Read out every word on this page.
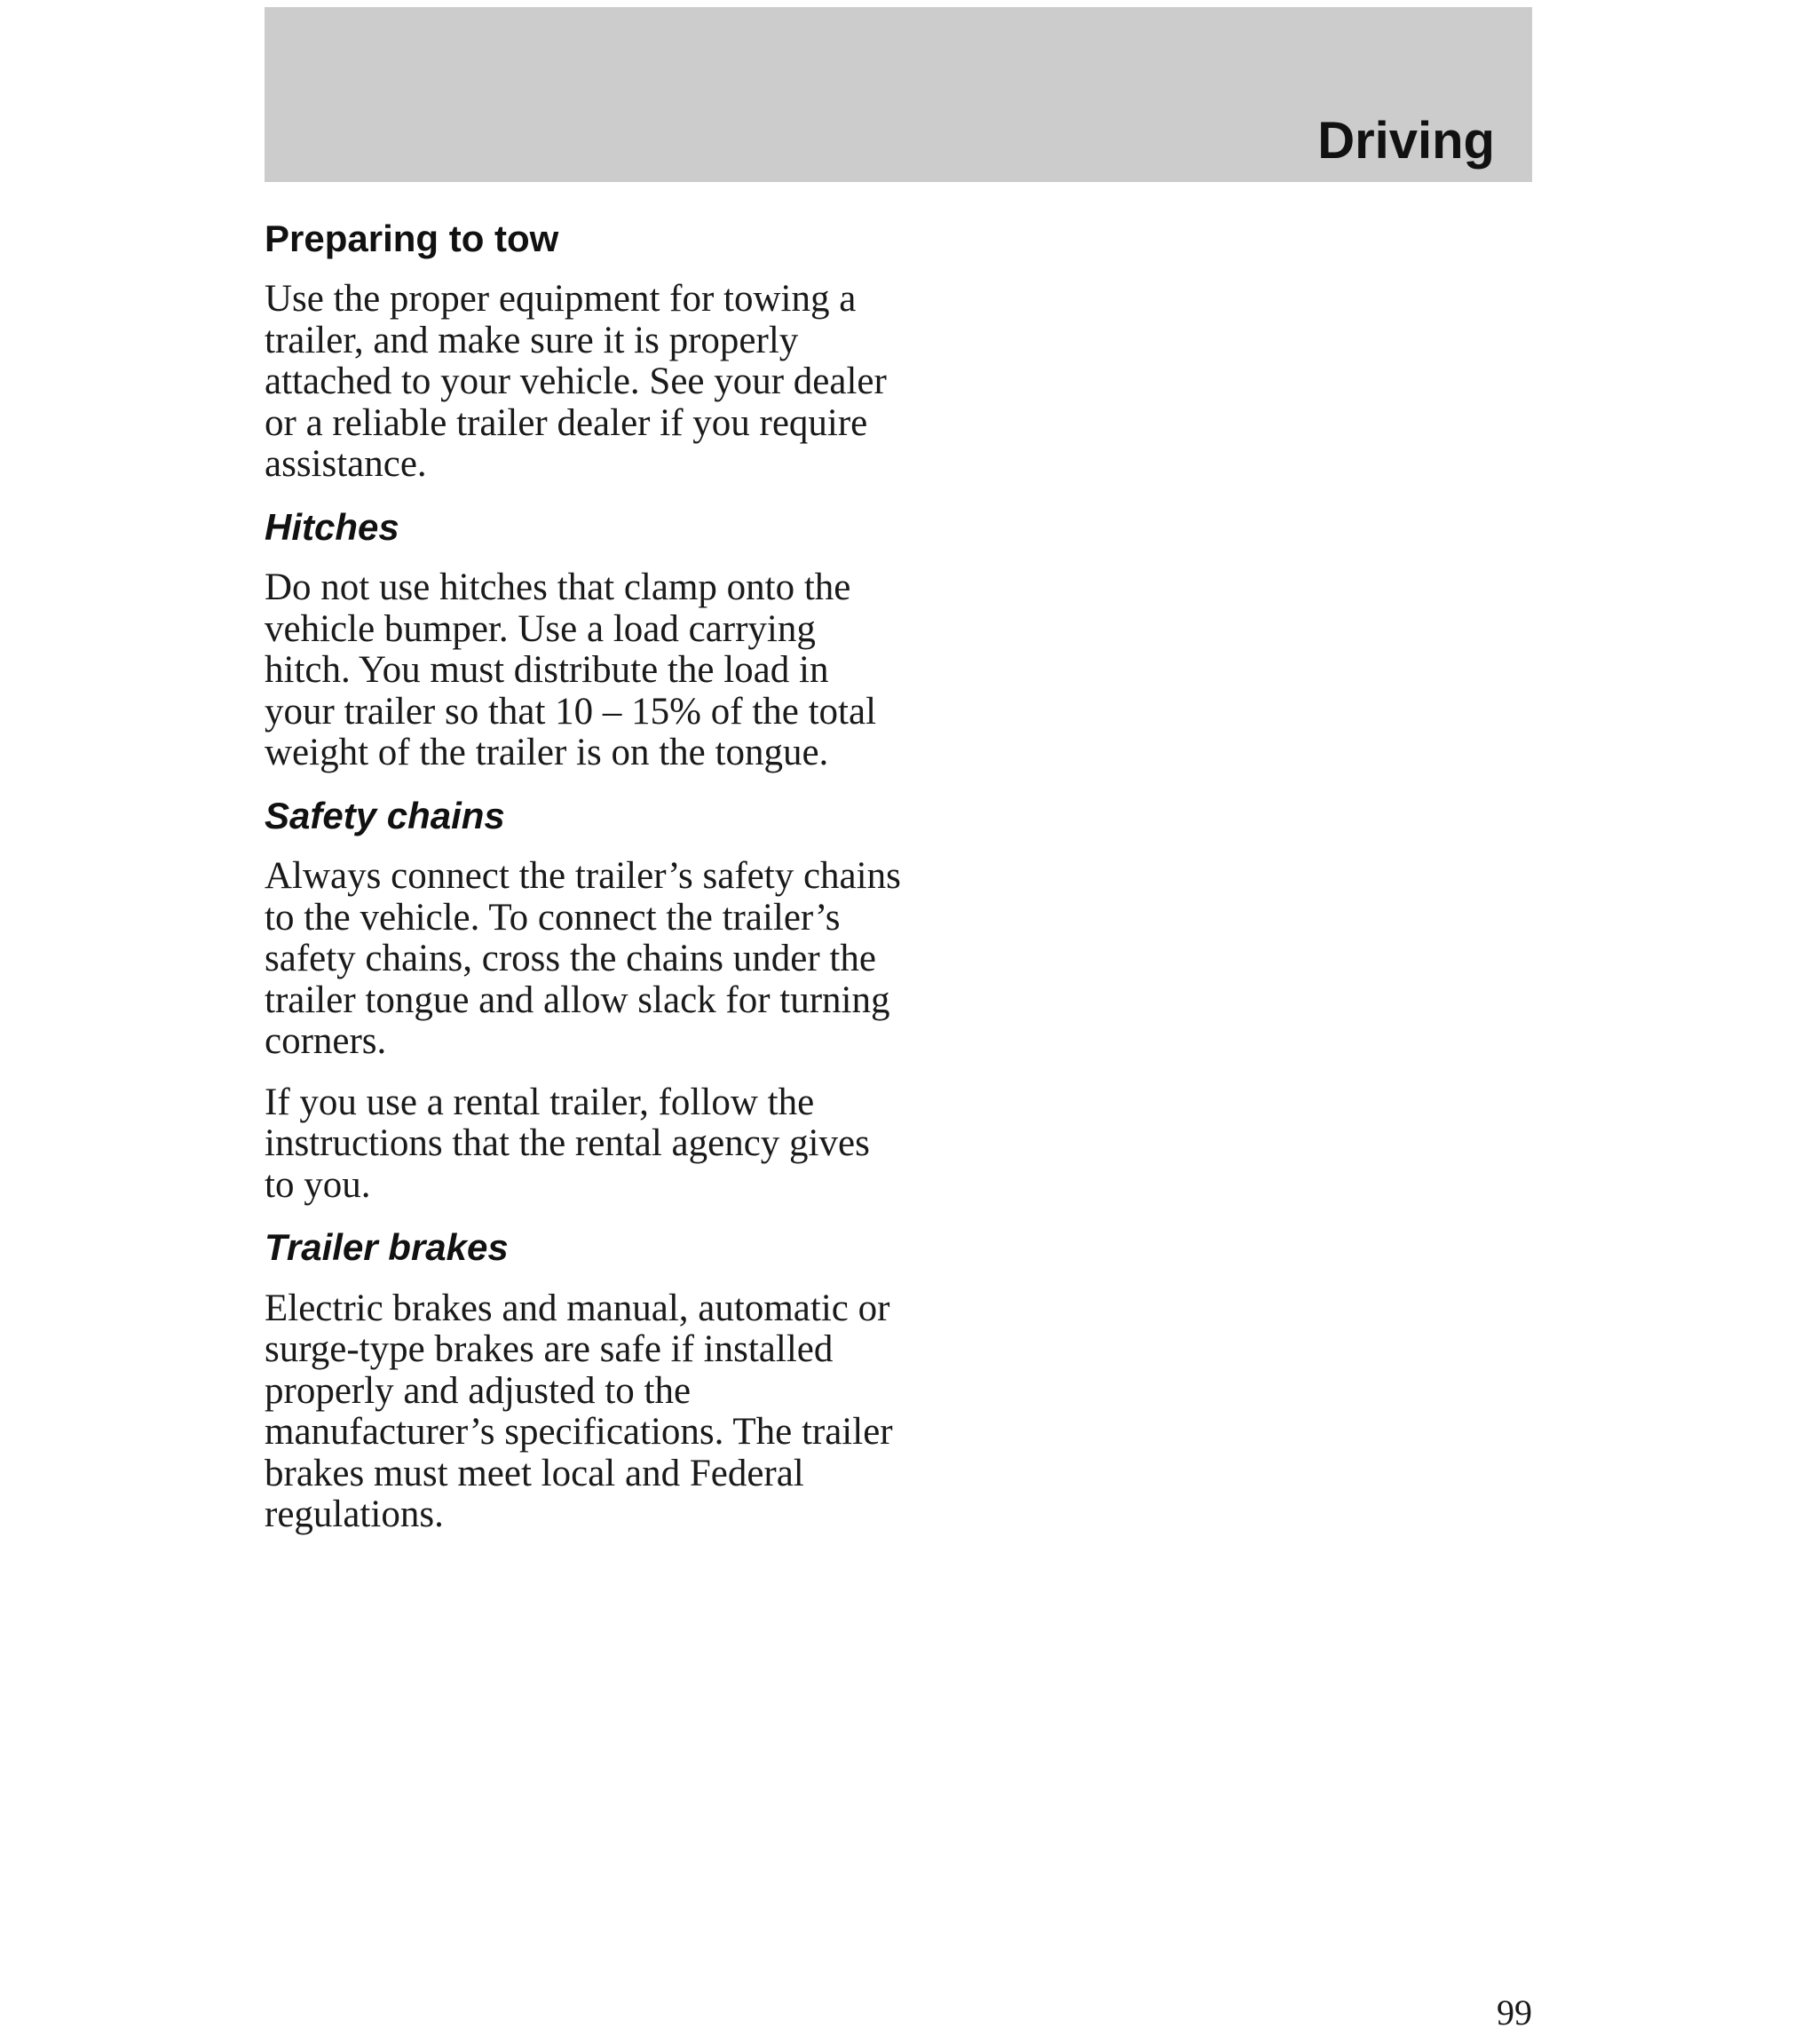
Driving
Preparing to tow

Use the proper equipment for towing a trailer, and make sure it is properly attached to your vehicle. See your dealer or a reliable trailer dealer if you require assistance.

Hitches

Do not use hitches that clamp onto the vehicle bumper. Use a load carrying hitch. You must distribute the load in your trailer so that 10 – 15% of the total weight of the trailer is on the tongue.

Safety chains

Always connect the trailer’s safety chains to the vehicle. To connect the trailer’s safety chains, cross the chains under the trailer tongue and allow slack for turning corners.

If you use a rental trailer, follow the instructions that the rental agency gives to you.

Trailer brakes

Electric brakes and manual, automatic or surge-type brakes are safe if installed properly and adjusted to the manufacturer’s specifications. The trailer brakes must meet local and Federal regulations.

99
